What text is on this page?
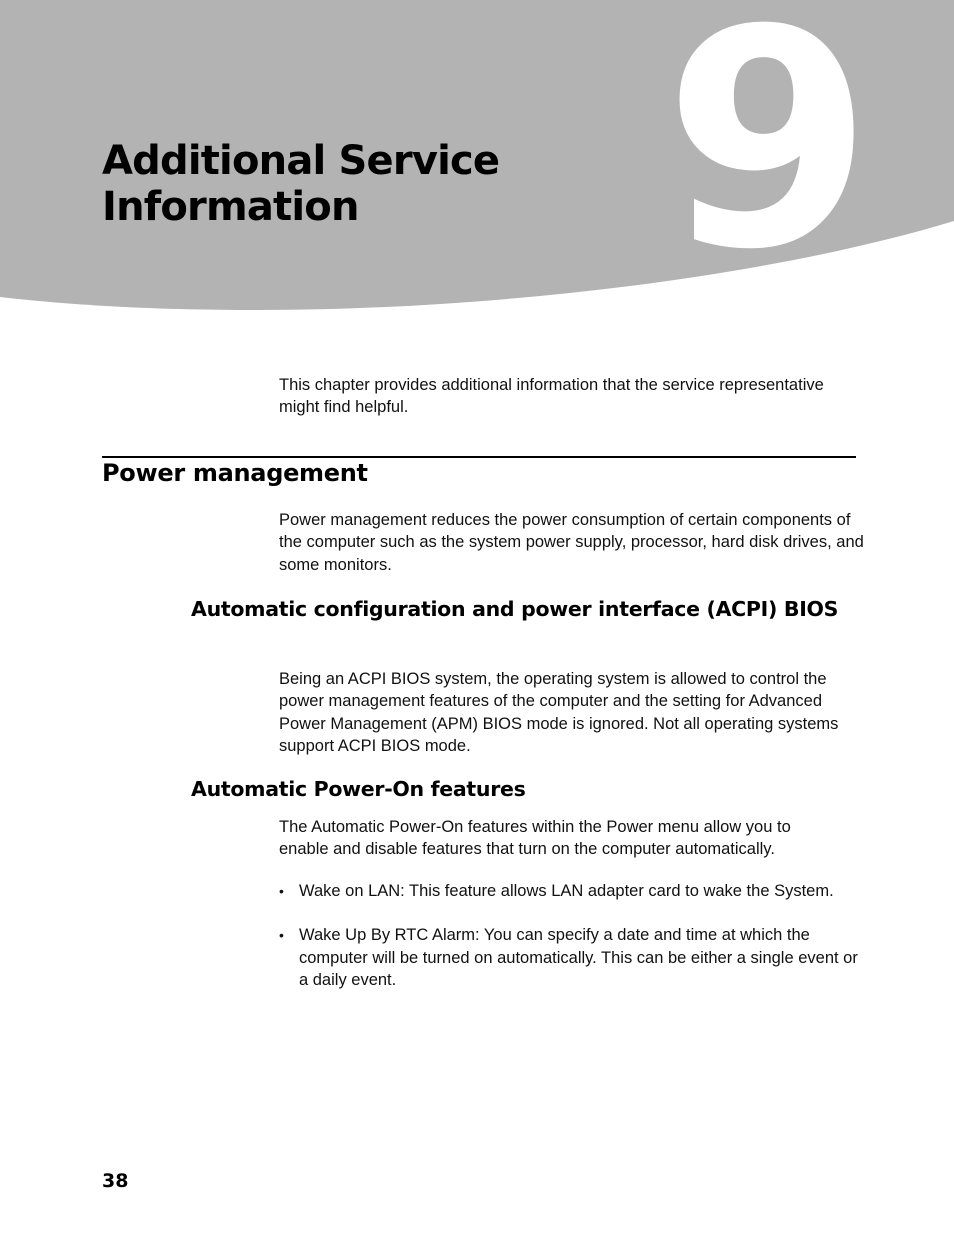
9
Additional Service
Information

This chapter provides additional information that the service representative might find helpful.

Power management

Power management reduces the power consumption of certain components of the computer such as the system power supply, processor, hard disk drives, and some monitors.

Automatic configuration and power interface (ACPI) BIOS

Being an ACPI BIOS system, the operating system is allowed to control the power management features of the computer and the setting for Advanced Power Management (APM) BIOS mode is ignored. Not all operating systems support ACPI BIOS mode.

Automatic Power-On features

The Automatic Power-On features within the Power menu allow you to enable and disable features that turn on the computer automatically.

• Wake on LAN: This feature allows LAN adapter card to wake the System.
• Wake Up By RTC Alarm: You can specify a date and time at which the computer will be turned on automatically. This can be either a single event or a daily event.
38
